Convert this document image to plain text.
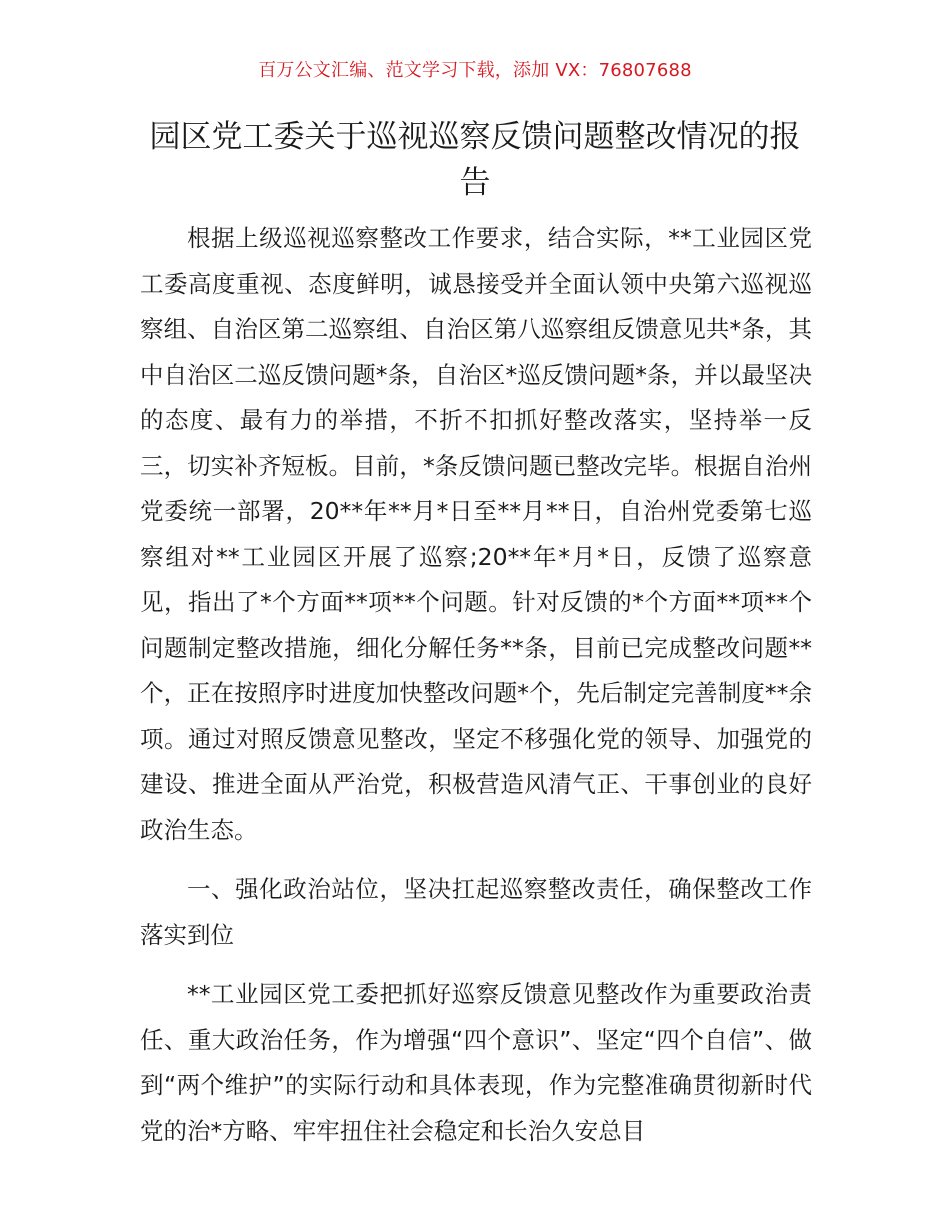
百万公文汇编、范文学习下载，添加 VX：76807688
园区党工委关于巡视巡察反馈问题整改情况的报告

根据上级巡视巡察整改工作要求，结合实际，**工业园区党工委高度重视、态度鲜明，诚恳接受并全面认领中央第六巡视巡察组、自治区第二巡察组、自治区第八巡察组反馈意见共*条，其中自治区二巡反馈问题*条，自治区*巡反馈问题*条，并以最坚决的态度、最有力的举措，不折不扣抓好整改落实，坚持举一反三，切实补齐短板。目前，*条反馈问题已整改完毕。根据自治州党委统一部署，20**年**月*日至**月**日，自治州党委第七巡察组对**工业园区开展了巡察;20**年*月*日，反馈了巡察意见，指出了*个方面**项**个问题。针对反馈的*个方面**项**个问题制定整改措施，细化分解任务**条，目前已完成整改问题**个，正在按照序时进度加快整改问题*个，先后制定完善制度**余项。通过对照反馈意见整改，坚定不移强化党的领导、加强党的建设、推进全面从严治党，积极营造风清气正、干事创业的良好政治生态。

一、强化政治站位，坚决扛起巡察整改责任，确保整改工作落实到位

**工业园区党工委把抓好巡察反馈意见整改作为重要政治责任、重大政治任务，作为增强“四个意识”、坚定“四个自信”、做到“两个维护”的实际行动和具体表现，作为完整准确贯彻新时代党的治*方略、牢牢扭住社会稳定和长治久安总目
